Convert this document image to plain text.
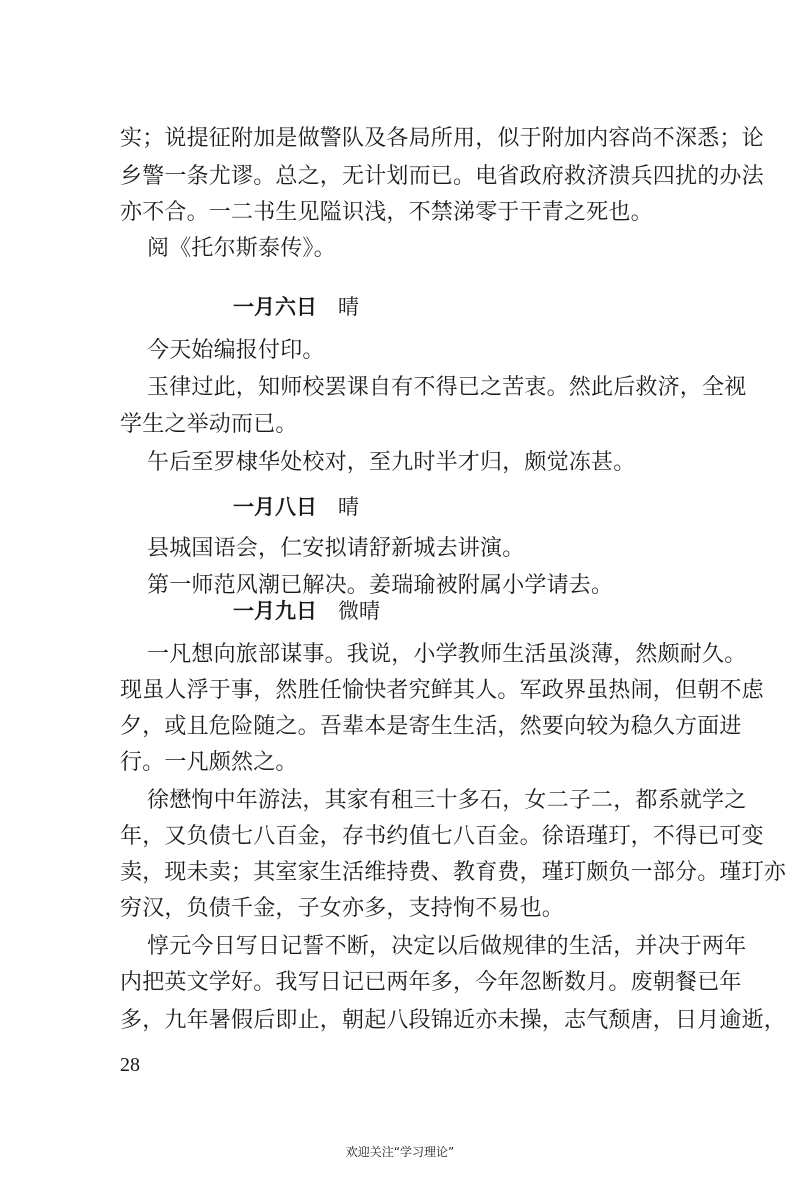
实；说提征附加是做警队及各局所用，似于附加内容尚不深悉；论
乡警一条尤谬。总之，无计划而已。电省政府救济溃兵四扰的办法
亦不合。一二书生见隘识浅，不禁涕零于干青之死也。
阅《托尔斯泰传》。
一月六日 晴
今天始编报付印。
玉律过此，知师校罢课自有不得已之苦衷。然此后救济，全视
学生之举动而已。
午后至罗棣华处校对，至九时半才归，颇觉冻甚。
一月八日 晴
县城国语会，仁安拟请舒新城去讲演。
第一师范风潮已解决。姜瑞瑜被附属小学请去。
一月九日 微晴
一凡想向旅部谋事。我说，小学教师生活虽淡薄，然颇耐久。
现虽人浮于事，然胜任愉快者究鲜其人。军政界虽热闹，但朝不虑
夕，或且危险随之。吾辈本是寄生生活，然要向较为稳久方面进
行。一凡颇然之。
徐懋恂中年游法，其家有租三十多石，女二子二，都系就学之
年，又负债七八百金，存书约值七八百金。徐语瑾玎，不得已可变
卖，现未卖；其室家生活维持费、教育费，瑾玎颇负一部分。瑾玎亦
穷汉，负债千金，子女亦多，支持恂不易也。
惇元今日写日记誓不断，决定以后做规律的生活，并决于两年
内把英文学好。我写日记已两年多，今年忽断数月。废朝餐已年
28
欢迎关注“学习理论”
多，九年暑假后即止，朝起八段锦近亦未操，志气颓唐，日月逾逝，
